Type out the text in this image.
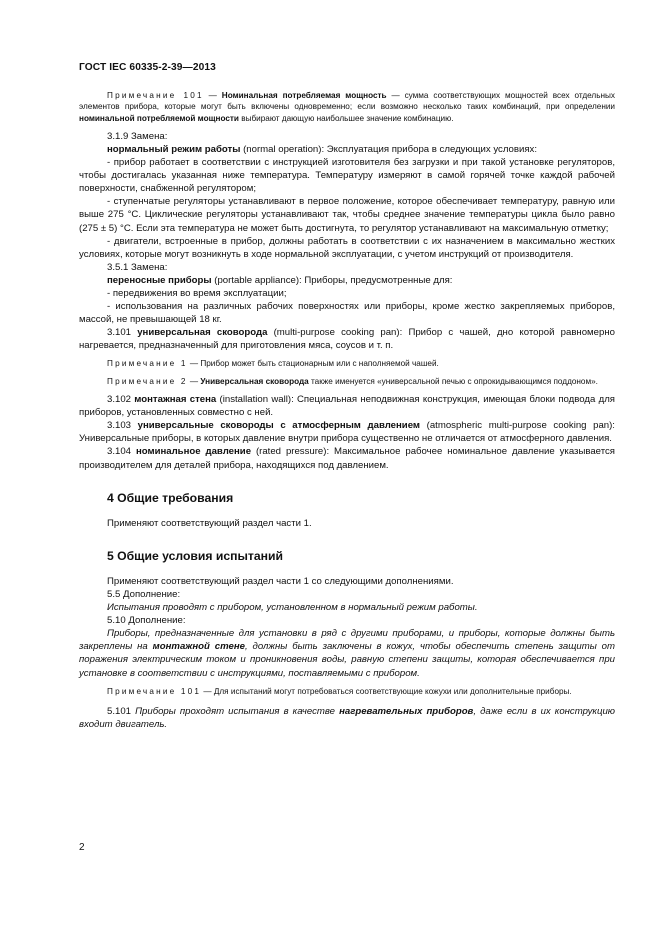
ГОСТ IEC 60335-2-39—2013

Примечание 101 — Номинальная потребляемая мощность — сумма соответствующих мощностей всех отдельных элементов прибора, которые могут быть включены одновременно; если возможно несколько таких комбинаций, при определении номинальной потребляемой мощности выбирают дающую наибольшее значение комбинацию.

3.1.9 Замена:

нормальный режим работы (normal operation): Эксплуатация прибора в следующих условиях:

- прибор работает в соответствии с инструкцией изготовителя без загрузки и при такой установке регуляторов, чтобы достигалась указанная ниже температура. Температуру измеряют в самой горячей точке каждой рабочей поверхности, снабженной регулятором;

- ступенчатые регуляторы устанавливают в первое положение, которое обеспечивает температуру, равную или выше 275 °С. Циклические регуляторы устанавливают так, чтобы среднее значение температуры цикла было равно (275 ± 5) °С. Если эта температура не может быть достигнута, то регулятор устанавливают на максимальную отметку;

- двигатели, встроенные в прибор, должны работать в соответствии с их назначением в максимально жестких условиях, которые могут возникнуть в ходе нормальной эксплуатации, с учетом инструкций от производителя.

3.5.1 Замена:

переносные приборы (portable appliance): Приборы, предусмотренные для:

- передвижения во время эксплуатации;

- использования на различных рабочих поверхностях или приборы, кроме жестко закрепляемых приборов, массой, не превышающей 18 кг.

3.101 универсальная сковорода (multi-purpose cooking pan): Прибор с чашей, дно которой равномерно нагревается, предназначенный для приготовления мяса, соусов и т. п.

Примечание 1 — Прибор может быть стационарным или с наполняемой чашей.

Примечание 2 — Универсальная сковорода также именуется «универсальной печью с опрокидывающимся поддоном».

3.102 монтажная стена (installation wall): Специальная неподвижная конструкция, имеющая блоки подвода для приборов, установленных совместно с ней.

3.103 универсальные сковороды с атмосферным давлением (atmospheric multi-purpose cooking pan): Универсальные приборы, в которых давление внутри прибора существенно не отличается от атмосферного давления.

3.104 номинальное давление (rated pressure): Максимальное рабочее номинальное давление указывается производителем для деталей прибора, находящихся под давлением.

4 Общие требования

Применяют соответствующий раздел части 1.

5 Общие условия испытаний

Применяют соответствующий раздел части 1 со следующими дополнениями.

5.5 Дополнение:

Испытания проводят с прибором, установленном в нормальный режим работы.

5.10 Дополнение:

Приборы, предназначенные для установки в ряд с другими приборами, и приборы, которые должны быть закреплены на монтажной стене, должны быть заключены в кожух, чтобы обеспечить степень защиты от поражения электрическим током и проникновения воды, равную степени защиты, которая обеспечивается при установке в соответствии с инструкциями, поставляемыми с прибором.

Примечание 101 — Для испытаний могут потребоваться соответствующие кожухи или дополнительные приборы.

5.101 Приборы проходят испытания в качестве нагревательных приборов, даже если в их конструкцию входит двигатель.

2
